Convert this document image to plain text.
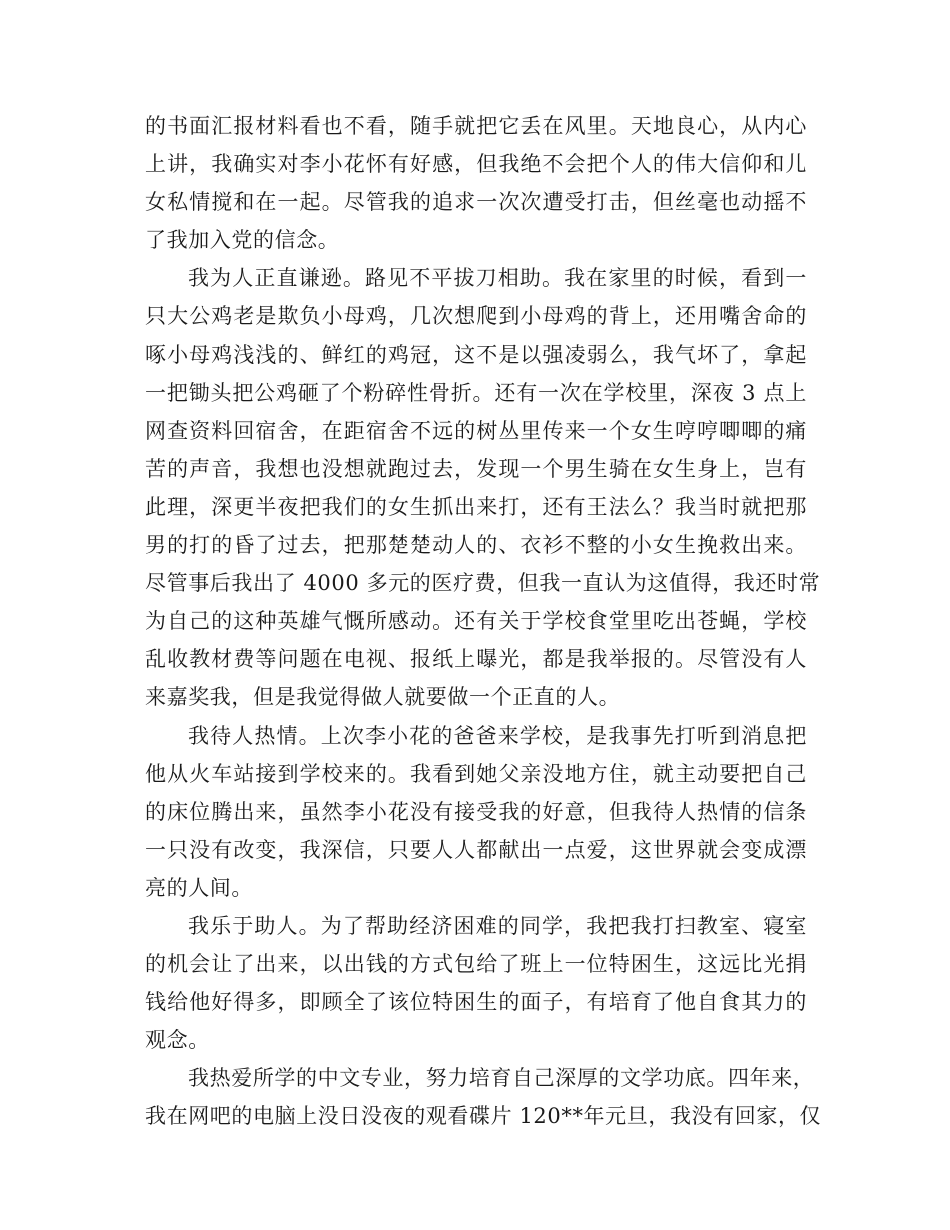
的书面汇报材料看也不看，随手就把它丢在风里。天地良心，从内心
上讲，我确实对李小花怀有好感，但我绝不会把个人的伟大信仰和儿
女私情搅和在一起。尽管我的追求一次次遭受打击，但丝毫也动摇不
了我加入党的信念。
我为人正直谦逊。路见不平拔刀相助。我在家里的时候，看到一
只大公鸡老是欺负小母鸡，几次想爬到小母鸡的背上，还用嘴舍命的
啄小母鸡浅浅的、鲜红的鸡冠，这不是以强凌弱么，我气坏了，拿起
一把锄头把公鸡砸了个粉碎性骨折。还有一次在学校里，深夜 3 点上
网查资料回宿舍，在距宿舍不远的树丛里传来一个女生哼哼唧唧的痛
苦的声音，我想也没想就跑过去，发现一个男生骑在女生身上，岂有
此理，深更半夜把我们的女生抓出来打，还有王法么？我当时就把那
男的打的昏了过去，把那楚楚动人的、衣衫不整的小女生挽救出来。
尽管事后我出了 4000 多元的医疗费，但我一直认为这值得，我还时常
为自己的这种英雄气慨所感动。还有关于学校食堂里吃出苍蝇，学校
乱收教材费等问题在电视、报纸上曝光，都是我举报的。尽管没有人
来嘉奖我，但是我觉得做人就要做一个正直的人。
我待人热情。上次李小花的爸爸来学校，是我事先打听到消息把
他从火车站接到学校来的。我看到她父亲没地方住，就主动要把自己
的床位腾出来，虽然李小花没有接受我的好意，但我待人热情的信条
一只没有改变，我深信，只要人人都献出一点爱，这世界就会变成漂
亮的人间。
我乐于助人。为了帮助经济困难的同学，我把我打扫教室、寝室
的机会让了出来，以出钱的方式包给了班上一位特困生，这远比光捐
钱给他好得多，即顾全了该位特困生的面子，有培育了他自食其力的
观念。
我热爱所学的中文专业，努力培育自己深厚的文学功底。四年来，
我在网吧的电脑上没日没夜的观看碟片 120**年元旦，我没有回家，仅
